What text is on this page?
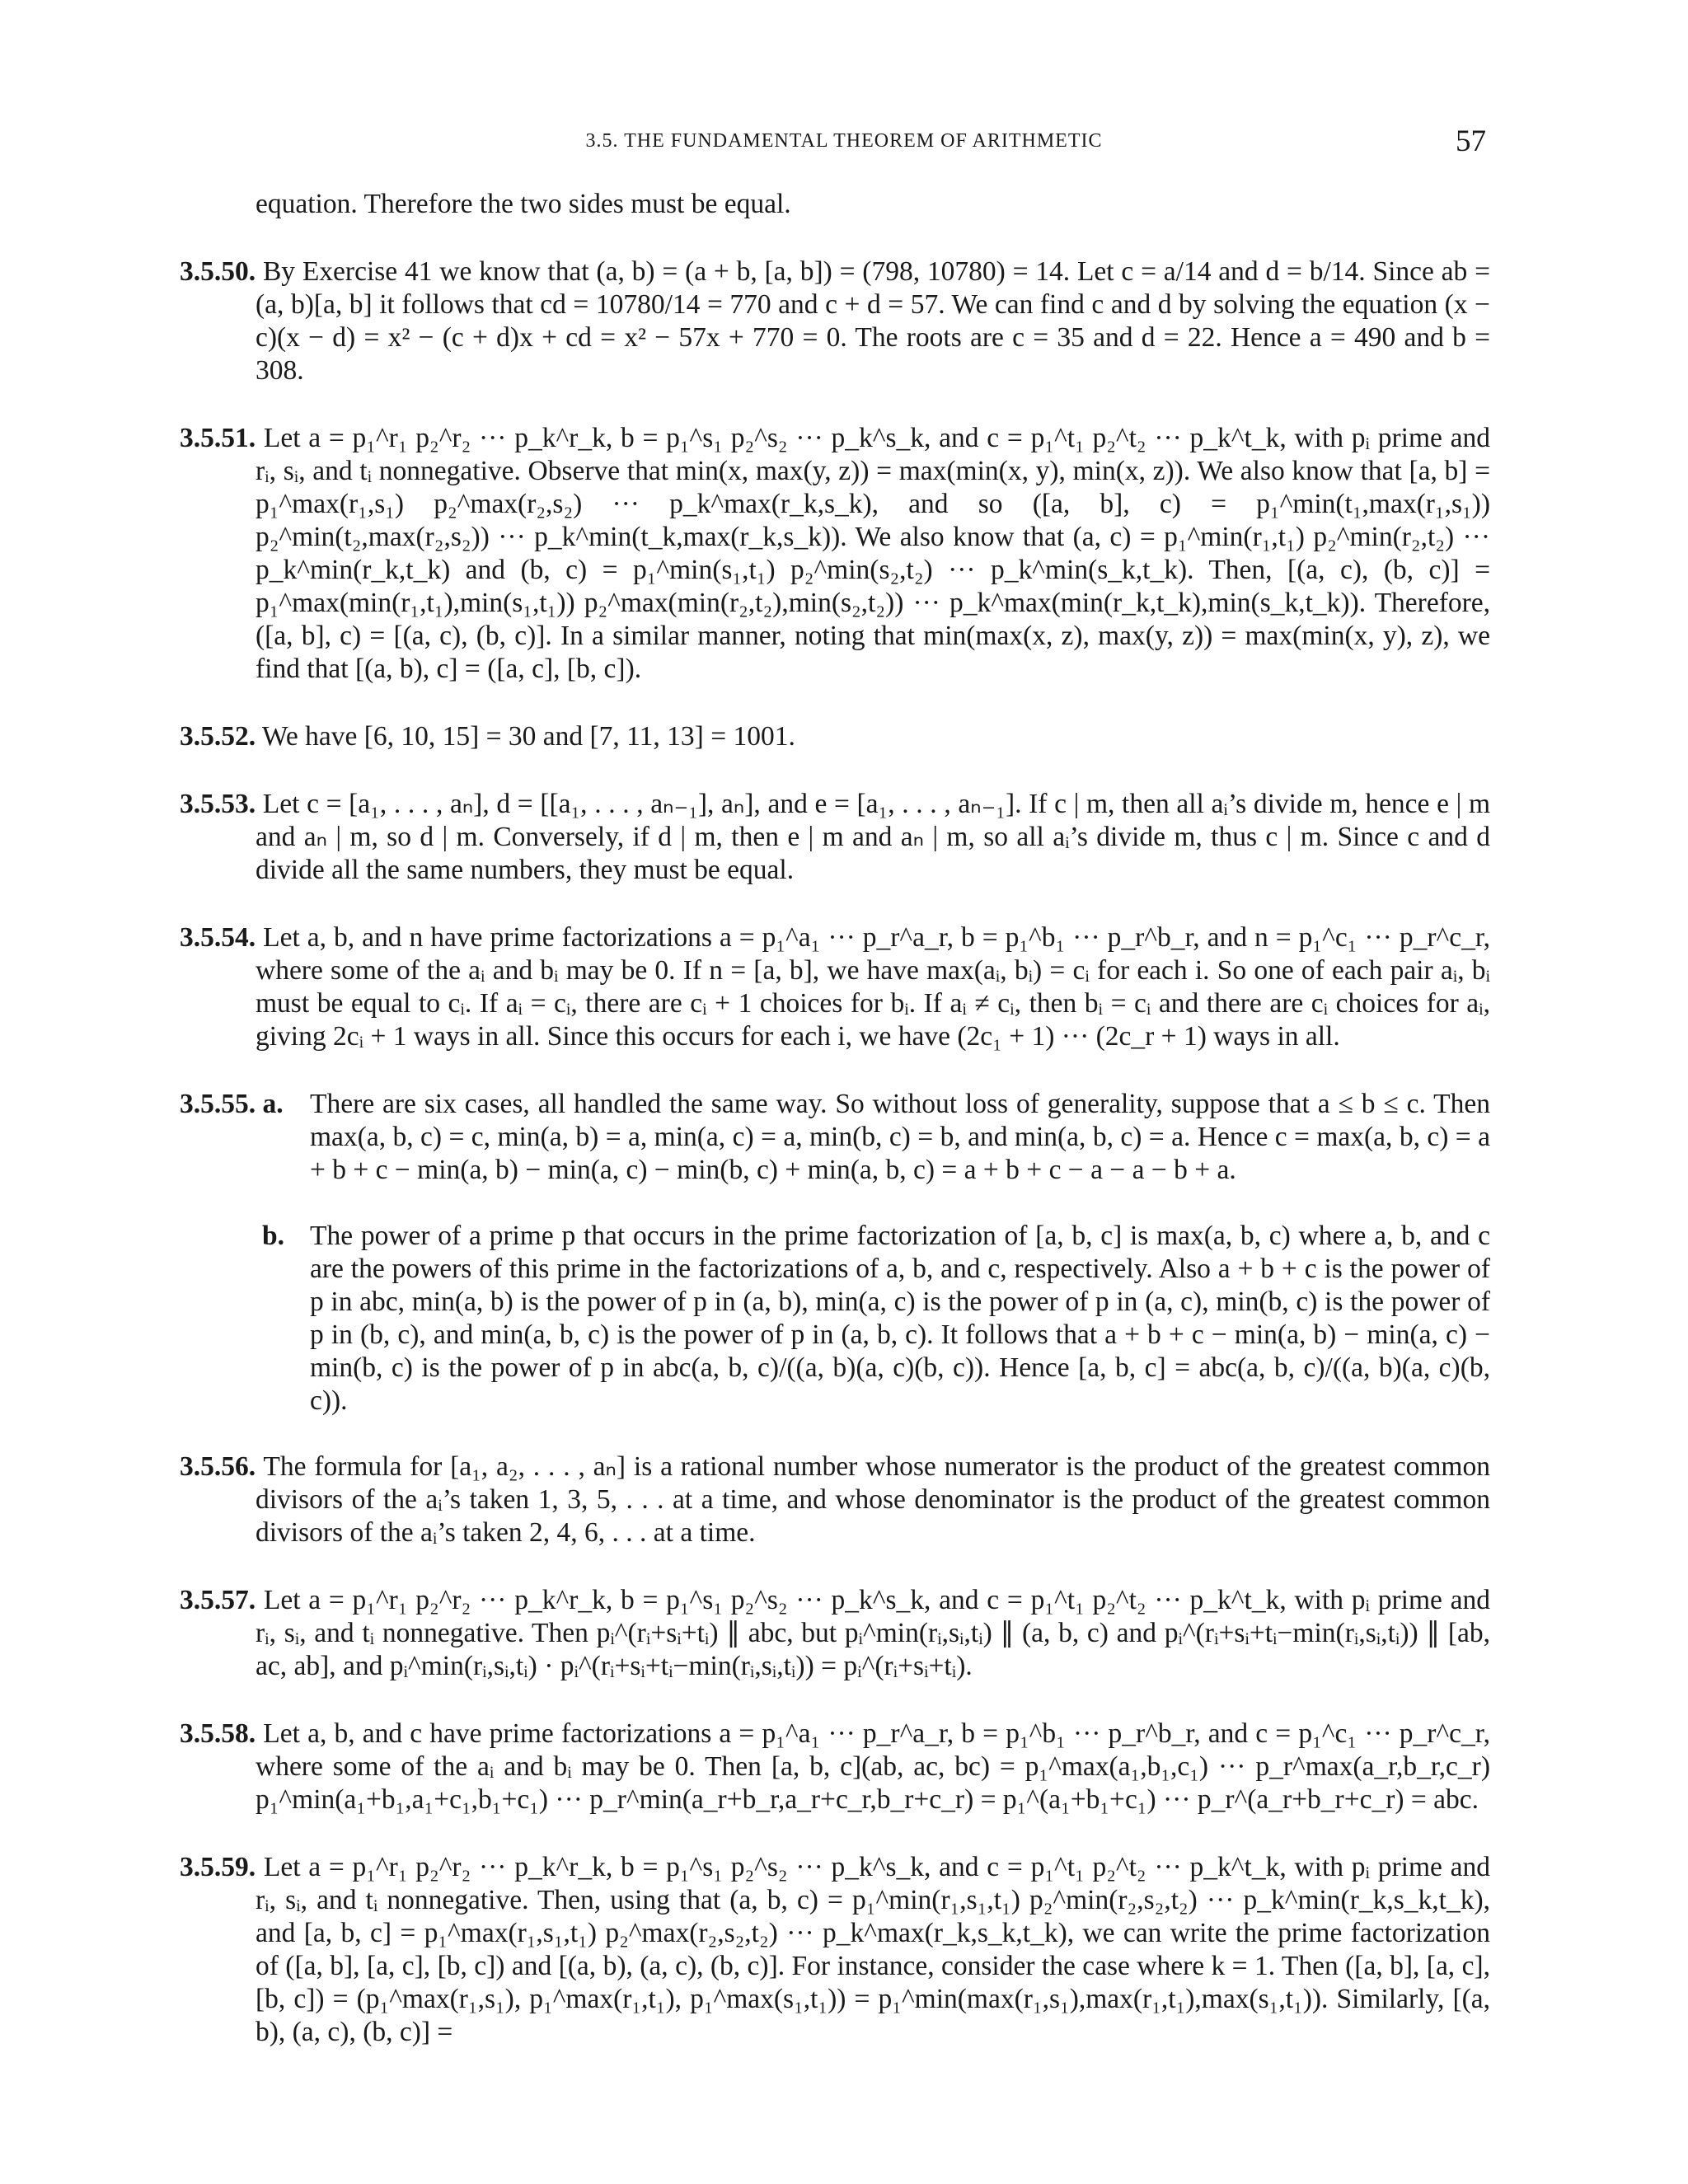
3.5. THE FUNDAMENTAL THEOREM OF ARITHMETIC	57

equation. Therefore the two sides must be equal.

3.5.50. By Exercise 41 we know that (a, b) = (a + b, [a, b]) = (798, 10780) = 14. Let c = a/14 and d = b/14. Since ab = (a, b)[a, b] it follows that cd = 10780/14 = 770 and c + d = 57. We can find c and d by solving the equation (x − c)(x − d) = x² − (c + d)x + cd = x² − 57x + 770 = 0. The roots are c = 35 and d = 22. Hence a = 490 and b = 308.
3.5.51. Let a = p₁^r₁ p₂^r₂ ··· p_k^r_k, b = p₁^s₁ p₂^s₂ ··· p_k^s_k, and c = p₁^t₁ p₂^t₂ ··· p_k^t_k, with pᵢ prime and rᵢ, sᵢ, and tᵢ nonnegative. Observe that min(x, max(y, z)) = max(min(x, y), min(x, z)). We also know that [a, b] = p₁^max(r₁,s₁) p₂^max(r₂,s₂) ··· p_k^max(r_k,s_k), and so ([a, b], c) = p₁^min(t₁,max(r₁,s₁)) p₂^min(t₂,max(r₂,s₂)) ··· p_k^min(t_k,max(r_k,s_k)). We also know that (a, c) = p₁^min(r₁,t₁) p₂^min(r₂,t₂) ··· p_k^min(r_k,t_k) and (b, c) = p₁^min(s₁,t₁) p₂^min(s₂,t₂) ··· p_k^min(s_k,t_k). Then, [(a, c), (b, c)] = p₁^max(min(r₁,t₁),min(s₁,t₁)) p₂^max(min(r₂,t₂),min(s₂,t₂)) ··· p_k^max(min(r_k,t_k),min(s_k,t_k)). Therefore, ([a, b], c) = [(a, c), (b, c)]. In a similar manner, noting that min(max(x, z), max(y, z)) = max(min(x, y), z), we find that [(a, b), c] = ([a, c], [b, c]).
3.5.52. We have [6, 10, 15] = 30 and [7, 11, 13] = 1001.
3.5.53. Let c = [a₁, . . . , aₙ], d = [[a₁, . . . , aₙ₋₁], aₙ], and e = [a₁, . . . , aₙ₋₁]. If c | m, then all aᵢ’s divide m, hence e | m and aₙ | m, so d | m. Conversely, if d | m, then e | m and aₙ | m, so all aᵢ’s divide m, thus c | m. Since c and d divide all the same numbers, they must be equal.
3.5.54. Let a, b, and n have prime factorizations a = p₁^a₁ ··· p_r^a_r, b = p₁^b₁ ··· p_r^b_r, and n = p₁^c₁ ··· p_r^c_r, where some of the aᵢ and bᵢ may be 0. If n = [a, b], we have max(aᵢ, bᵢ) = cᵢ for each i. So one of each pair aᵢ, bᵢ must be equal to cᵢ. If aᵢ = cᵢ, there are cᵢ + 1 choices for bᵢ. If aᵢ ≠ cᵢ, then bᵢ = cᵢ and there are cᵢ choices for aᵢ, giving 2cᵢ + 1 ways in all. Since this occurs for each i, we have (2c₁ + 1) ··· (2c_r + 1) ways in all.
3.5.55. a. There are six cases, all handled the same way. So without loss of generality, suppose that a ≤ b ≤ c. Then max(a, b, c) = c, min(a, b) = a, min(a, c) = a, min(b, c) = b, and min(a, b, c) = a. Hence c = max(a, b, c) = a + b + c − min(a, b) − min(a, c) − min(b, c) + min(a, b, c) = a + b + c − a − a − b + a.
b. The power of a prime p that occurs in the prime factorization of [a, b, c] is max(a, b, c) where a, b, and c are the powers of this prime in the factorizations of a, b, and c, respectively. Also a + b + c is the power of p in abc, min(a, b) is the power of p in (a, b), min(a, c) is the power of p in (a, c), min(b, c) is the power of p in (b, c), and min(a, b, c) is the power of p in (a, b, c). It follows that a + b + c − min(a, b) − min(a, c) − min(b, c) is the power of p in abc(a, b, c)/((a, b)(a, c)(b, c)). Hence [a, b, c] = abc(a, b, c)/((a, b)(a, c)(b, c)).
3.5.56. The formula for [a₁, a₂, . . . , aₙ] is a rational number whose numerator is the product of the greatest common divisors of the aᵢ’s taken 1, 3, 5, . . . at a time, and whose denominator is the product of the greatest common divisors of the aᵢ’s taken 2, 4, 6, . . . at a time.
3.5.57. Let a = p₁^r₁ p₂^r₂ ··· p_k^r_k, b = p₁^s₁ p₂^s₂ ··· p_k^s_k, and c = p₁^t₁ p₂^t₂ ··· p_k^t_k, with pᵢ prime and rᵢ, sᵢ, and tᵢ nonnegative. Then pᵢ^(rᵢ+sᵢ+tᵢ) ∥ abc, but pᵢ^min(rᵢ,sᵢ,tᵢ) ∥ (a, b, c) and pᵢ^(rᵢ+sᵢ+tᵢ−min(rᵢ,sᵢ,tᵢ)) ∥ [ab, ac, ab], and pᵢ^min(rᵢ,sᵢ,tᵢ) · pᵢ^(rᵢ+sᵢ+tᵢ−min(rᵢ,sᵢ,tᵢ)) = pᵢ^(rᵢ+sᵢ+tᵢ).
3.5.58. Let a, b, and c have prime factorizations a = p₁^a₁ ··· p_r^a_r, b = p₁^b₁ ··· p_r^b_r, and c = p₁^c₁ ··· p_r^c_r, where some of the aᵢ and bᵢ may be 0. Then [a, b, c](ab, ac, bc) = p₁^max(a₁,b₁,c₁) ··· p_r^max(a_r,b_r,c_r) p₁^min(a₁+b₁,a₁+c₁,b₁+c₁) ··· p_r^min(a_r+b_r,a_r+c_r,b_r+c_r) = p₁^(a₁+b₁+c₁) ··· p_r^(a_r+b_r+c_r) = abc.
3.5.59. Let a = p₁^r₁ p₂^r₂ ··· p_k^r_k, b = p₁^s₁ p₂^s₂ ··· p_k^s_k, and c = p₁^t₁ p₂^t₂ ··· p_k^t_k, with pᵢ prime and rᵢ, sᵢ, and tᵢ nonnegative. Then, using that (a, b, c) = p₁^min(r₁,s₁,t₁) p₂^min(r₂,s₂,t₂) ··· p_k^min(r_k,s_k,t_k), and [a, b, c] = p₁^max(r₁,s₁,t₁) p₂^max(r₂,s₂,t₂) ··· p_k^max(r_k,s_k,t_k), we can write the prime factorization of ([a, b], [a, c], [b, c]) and [(a, b), (a, c), (b, c)]. For instance, consider the case where k = 1. Then ([a, b], [a, c], [b, c]) = (p₁^max(r₁,s₁), p₁^max(r₁,t₁), p₁^max(s₁,t₁)) = p₁^min(max(r₁,s₁),max(r₁,t₁),max(s₁,t₁)). Similarly, [(a, b), (a, c), (b, c)] =
